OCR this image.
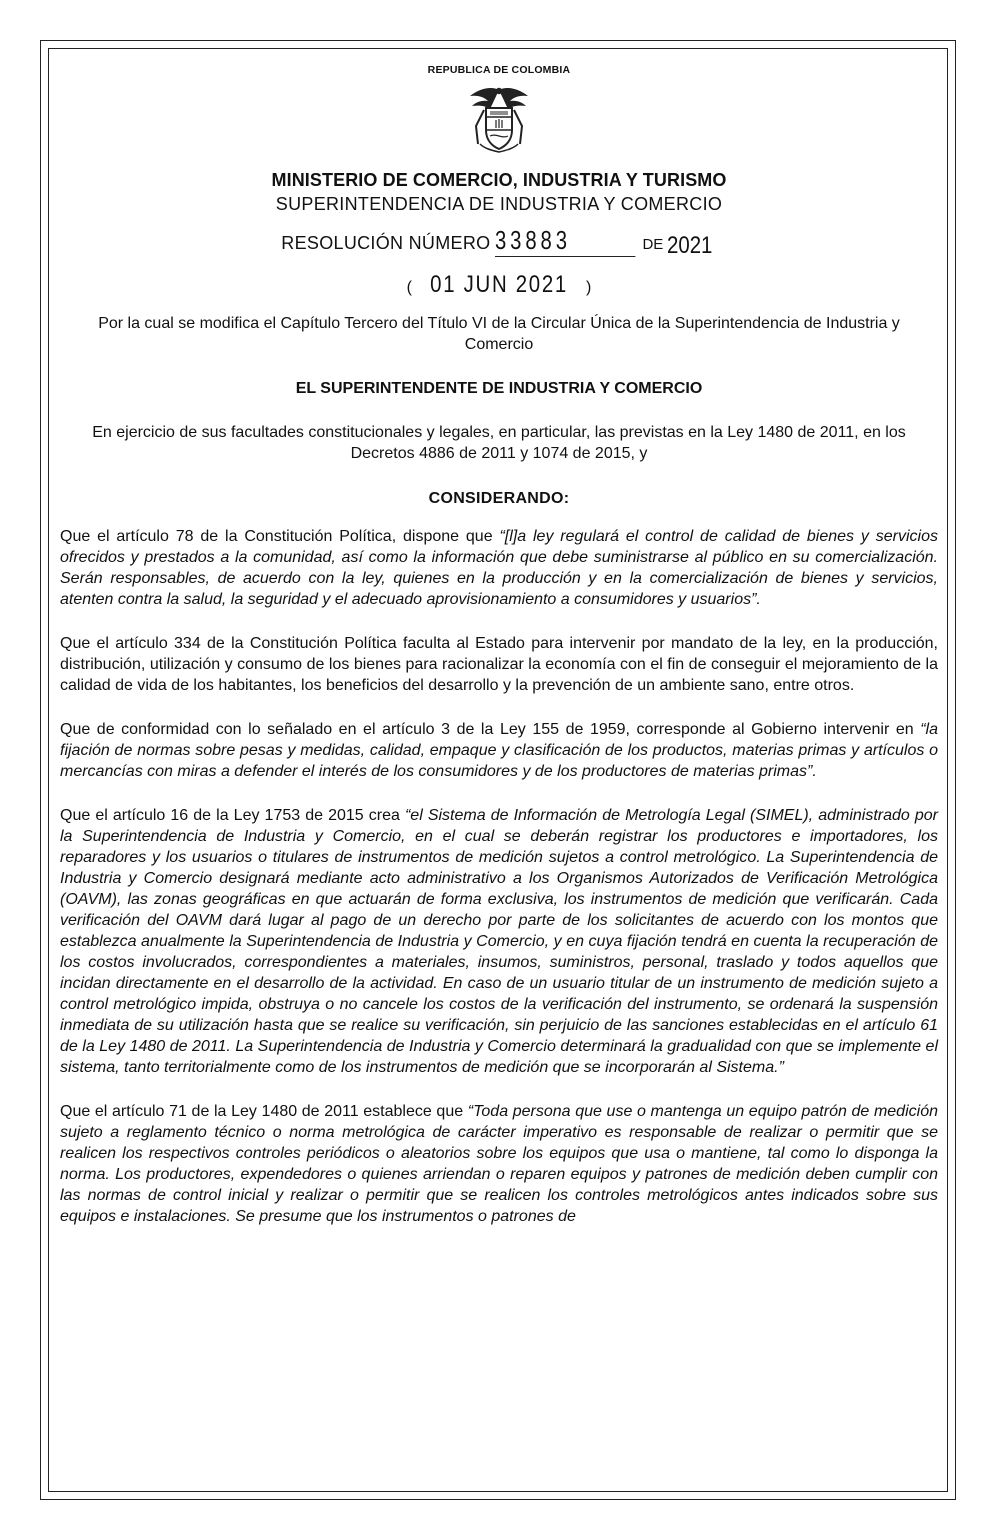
REPUBLICA DE COLOMBIA
MINISTERIO DE COMERCIO, INDUSTRIA Y TURISMO
SUPERINTENDENCIA DE INDUSTRIA Y COMERCIO
RESOLUCIÓN NÚMERO 33883	DE 2021
( 01 JUN 2021 )
Por la cual se modifica el Capítulo Tercero del Título VI de la Circular Única de la Superintendencia de Industria y Comercio
EL SUPERINTENDENTE DE INDUSTRIA Y COMERCIO
En ejercicio de sus facultades constitucionales y legales, en particular, las previstas en la Ley 1480 de 2011, en los Decretos 4886 de 2011 y 1074 de 2015, y
CONSIDERANDO:

Que el artículo 78 de la Constitución Política, dispone que “[l]a ley regulará el control de calidad de bienes y servicios ofrecidos y prestados a la comunidad, así como la información que debe suministrarse al público en su comercialización. Serán responsables, de acuerdo con la ley, quienes en la producción y en la comercialización de bienes y servicios, atenten contra la salud, la seguridad y el adecuado aprovisionamiento a consumidores y usuarios”.

Que el artículo 334 de la Constitución Política faculta al Estado para intervenir por mandato de la ley, en la producción, distribución, utilización y consumo de los bienes para racionalizar la economía con el fin de conseguir el mejoramiento de la calidad de vida de los habitantes, los beneficios del desarrollo y la prevención de un ambiente sano, entre otros.

Que de conformidad con lo señalado en el artículo 3 de la Ley 155 de 1959, corresponde al Gobierno intervenir en “la fijación de normas sobre pesas y medidas, calidad, empaque y clasificación de los productos, materias primas y artículos o mercancías con miras a defender el interés de los consumidores y de los productores de materias primas”.

Que el artículo 16 de la Ley 1753 de 2015 crea “el Sistema de Información de Metrología Legal (SIMEL), administrado por la Superintendencia de Industria y Comercio, en el cual se deberán registrar los productores e importadores, los reparadores y los usuarios o titulares de instrumentos de medición sujetos a control metrológico. La Superintendencia de Industria y Comercio designará mediante acto administrativo a los Organismos Autorizados de Verificación Metrológica (OAVM), las zonas geográficas en que actuarán de forma exclusiva, los instrumentos de medición que verificarán. Cada verificación del OAVM dará lugar al pago de un derecho por parte de los solicitantes de acuerdo con los montos que establezca anualmente la Superintendencia de Industria y Comercio, y en cuya fijación tendrá en cuenta la recuperación de los costos involucrados, correspondientes a materiales, insumos, suministros, personal, traslado y todos aquellos que incidan directamente en el desarrollo de la actividad. En caso de un usuario titular de un instrumento de medición sujeto a control metrológico impida, obstruya o no cancele los costos de la verificación del instrumento, se ordenará la suspensión inmediata de su utilización hasta que se realice su verificación, sin perjuicio de las sanciones establecidas en el artículo 61 de la Ley 1480 de 2011. La Superintendencia de Industria y Comercio determinará la gradualidad con que se implemente el sistema, tanto territorialmente como de los instrumentos de medición que se incorporarán al Sistema.”

Que el artículo 71 de la Ley 1480 de 2011 establece que “Toda persona que use o mantenga un equipo patrón de medición sujeto a reglamento técnico o norma metrológica de carácter imperativo es responsable de realizar o permitir que se realicen los respectivos controles periódicos o aleatorios sobre los equipos que usa o mantiene, tal como lo disponga la norma. Los productores, expendedores o quienes arriendan o reparen equipos y patrones de medición deben cumplir con las normas de control inicial y realizar o permitir que se realicen los controles metrológicos antes indicados sobre sus equipos e instalaciones. Se presume que los instrumentos o patrones de
